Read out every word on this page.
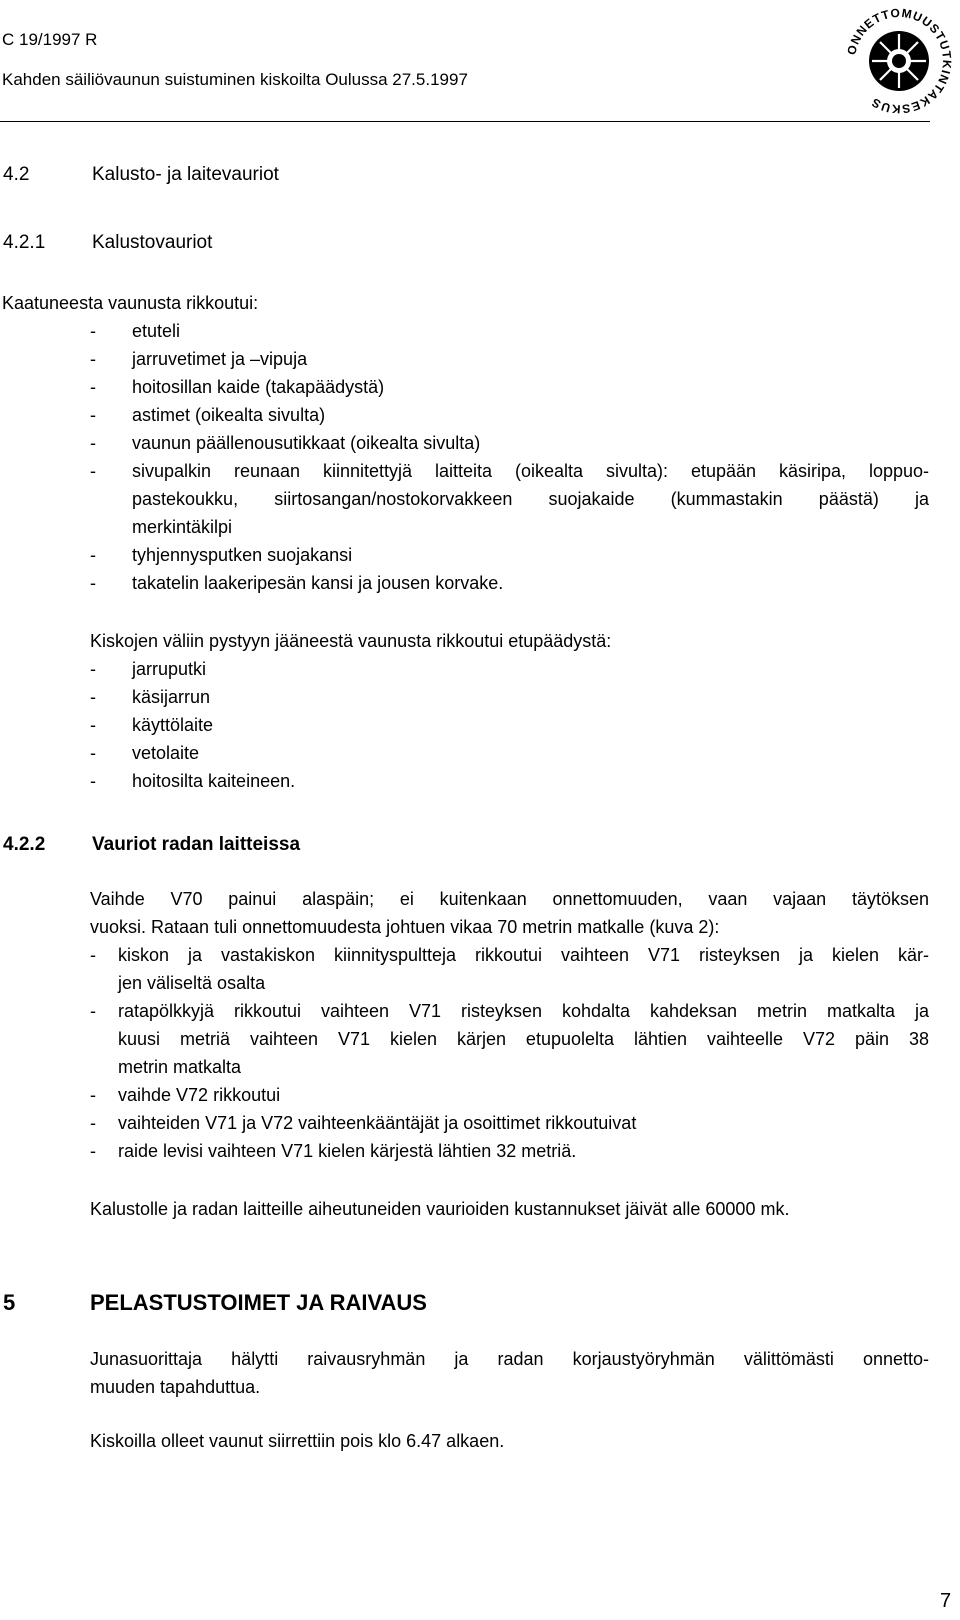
C 19/1997 R
Kahden säiliövaunun suistuminen kiskoilta Oulussa 27.5.1997
ONNETTOMUUSTUTKINTAKESKUS
4.2	Kalusto- ja laitevauriot
4.2.1 Kalustovauriot
Kaatuneesta vaunusta rikkoutui:
- etuteli
- jarruvetimet ja –vipuja
- hoitosillan kaide (takapäädystä)
- astimet (oikealta sivulta)
- vaunun päällenousutikkaat (oikealta sivulta)
- sivupalkin reunaan kiinnitettyjä laitteita (oikealta sivulta): etupään käsiripa, loppuo-
pastekoukku, siirtosangan/nostokorvakkeen suojakaide (kummastakin päästä) ja
merkintäkilpi
- tyhjennysputken suojakansi
- takatelin laakeripesän kansi ja jousen korvake.
Kiskojen väliin pystyyn jääneestä vaunusta rikkoutui etupäädystä:
- jarruputki
- käsijarrun
- käyttölaite
- vetolaite
- hoitosilta kaiteineen.
4.2.2 Vauriot radan laitteissa
Vaihde V70 painui alaspäin; ei kuitenkaan onnettomuuden, vaan vajaan täytöksen
vuoksi. Rataan tuli onnettomuudesta johtuen vikaa 70 metrin matkalle (kuva 2):
- kiskon ja vastakiskon kiinnityspultteja rikkoutui vaihteen V71 risteyksen ja kielen kär-
jen väliseltä osalta
- ratapölkkyjä rikkoutui vaihteen V71 risteyksen kohdalta kahdeksan metrin matkalta ja
kuusi metriä vaihteen V71 kielen kärjen etupuolelta lähtien vaihteelle V72 päin 38
metrin matkalta
- vaihde V72 rikkoutui
- vaihteiden V71 ja V72 vaihteenkääntäjät ja osoittimet rikkoutuivat
- raide levisi vaihteen V71 kielen kärjestä lähtien 32 metriä.
Kalustolle ja radan laitteille aiheutuneiden vaurioiden kustannukset jäivät alle 60000 mk.
5	PELASTUSTOIMET JA RAIVAUS
Junasuorittaja hälytti raivausryhmän ja radan korjaustyöryhmän välittömästi onnetto-
muuden tapahduttua.
Kiskoilla olleet vaunut siirrettiin pois klo 6.47 alkaen.
7
